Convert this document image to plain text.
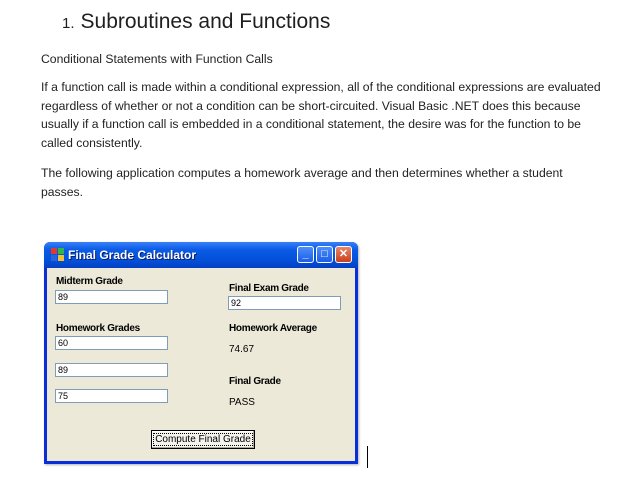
1. Subroutines and Functions
Conditional Statements with Function Calls
If a function call is made within a conditional expression, all of the conditional expressions are evaluated regardless of whether or not a condition can be short-circuited. Visual Basic .NET does this because usually if a function call is embedded in a conditional statement, the desire was for the function to be called consistently.
The following application computes a homework average and then determines whether a student passes.
Final Grade Calculator	_	□	✕
Midterm Grade
89
Final Exam Grade
92
Homework Grades
60
89
75
Homework Average
74.67
Final Grade
PASS
Compute Final Grade
